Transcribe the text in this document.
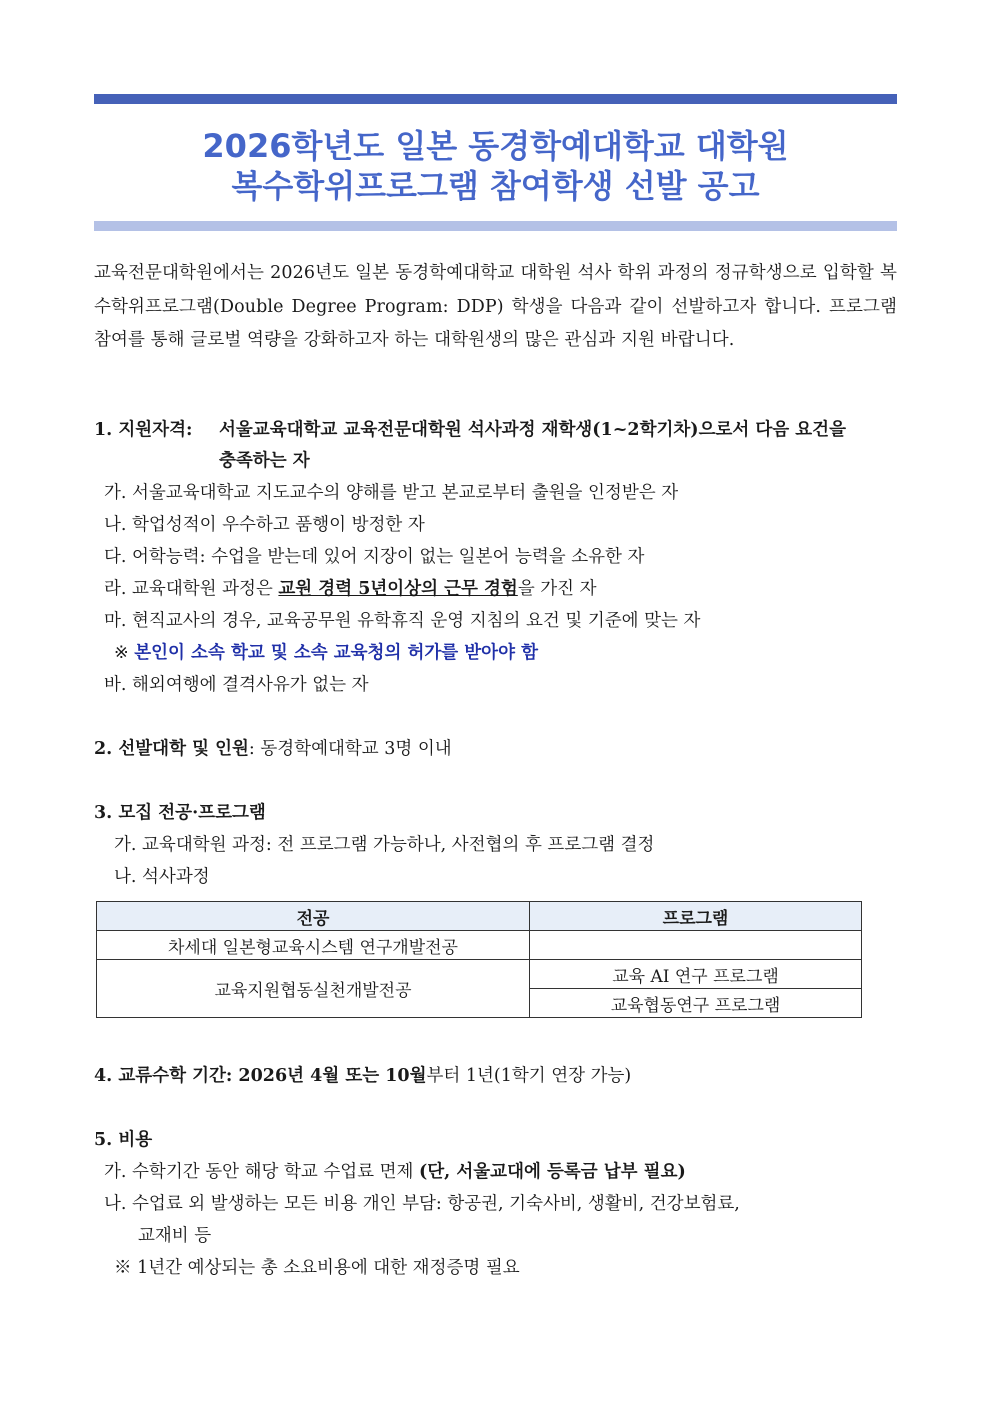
2026학년도 일본 동경학예대학교 대학원
복수학위프로그램 참여학생 선발 공고
교육전문대학원에서는 2026년도 일본 동경학예대학교 대학원 석사 학위 과정의 정규학생으로 입학할 복수학위프로그램(Double Degree Program: DDP) 학생을 다음과 같이 선발하고자 합니다. 프로그램 참여를 통해 글로벌 역량을 강화하고자 하는 대학원생의 많은 관심과 지원 바랍니다.
1. 지원자격: 서울교육대학교 교육전문대학원 석사과정 재학생(1~2학기차)으로서 다음 요건을
충족하는 자
가. 서울교육대학교 지도교수의 양해를 받고 본교로부터 출원을 인정받은 자
나. 학업성적이 우수하고 품행이 방정한 자
다. 어학능력: 수업을 받는데 있어 지장이 없는 일본어 능력을 소유한 자
라. 교육대학원 과정은 교원 경력 5년이상의 근무 경험을 가진 자
마. 현직교사의 경우, 교육공무원 유학휴직 운영 지침의 요건 및 기준에 맞는 자
※ 본인이 소속 학교 및 소속 교육청의 허가를 받아야 함
바. 해외여행에 결격사유가 없는 자
2. 선발대학 및 인원: 동경학예대학교 3명 이내
3. 모집 전공·프로그램
가. 교육대학원 과정: 전 프로그램 가능하나, 사전협의 후 프로그램 결정
나. 석사과정
전공	프로그램
차세대 일본형교육시스템 연구개발전공	
교육지원협동실천개발전공	교육 AI 연구 프로그램
	교육협동연구 프로그램
4. 교류수학 기간: 2026년 4월 또는 10월부터 1년(1학기 연장 가능)
5. 비용
가. 수학기간 동안 해당 학교 수업료 면제 (단, 서울교대에 등록금 납부 필요)
나. 수업료 외 발생하는 모든 비용 개인 부담: 항공권, 기숙사비, 생활비, 건강보험료,
교재비 등
※ 1년간 예상되는 총 소요비용에 대한 재정증명 필요
